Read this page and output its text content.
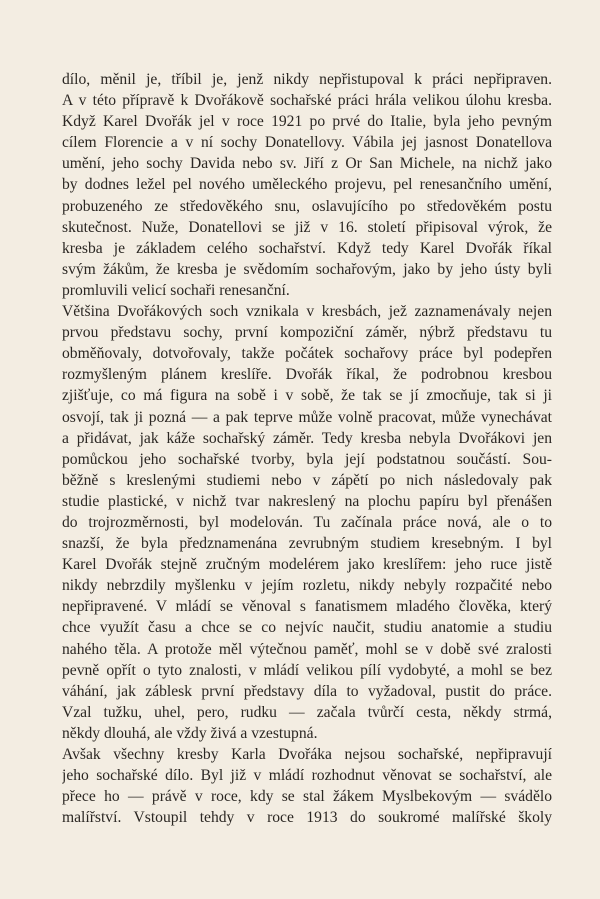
dílo, měnil je, tříbil je, jenž nikdy nepřistupoval k práci nepřipraven.
A v této přípravě k Dvořákově sochařské práci hrála velikou úlohu kresba.
Když Karel Dvořák jel v roce 1921 po prvé do Italie, byla jeho pevným
cílem Florencie a v ní sochy Donatellovy. Vábila jej jasnost Donatellova
umění, jeho sochy Davida nebo sv. Jiří z Or San Michele, na nichž jako
by dodnes ležel pel nového uměleckého projevu, pel renesančního umění,
probuzeného ze středověkého snu, oslavujícího po středověkém postu
skutečnost. Nuže, Donatellovi se již v 16. století připisoval výrok, že
kresba je základem celého sochařství. Když tedy Karel Dvořák říkal
svým žákům, že kresba je svědomím sochařovým, jako by jeho ústy byli
promluvili velicí sochaři renesanční.
Většina Dvořákových soch vznikala v kresbách, jež zaznamenávaly nejen
prvou představu sochy, první kompoziční záměr, nýbrž představu tu
obměňovaly, dotvořovaly, takže počátek sochařovy práce byl podepřen
rozmyšleným plánem kreslíře. Dvořák říkal, že podrobnou kresbou
zjišťuje, co má figura na sobě i v sobě, že tak se jí zmocňuje, tak si ji
osvojí, tak ji pozná — a pak teprve může volně pracovat, může vynechávat
a přidávat, jak káže sochařský záměr. Tedy kresba nebyla Dvořákovi jen
pomůckou jeho sochařské tvorby, byla její podstatnou součástí. Sou-
běžně s kreslenými studiemi nebo v zápětí po nich následovaly pak
studie plastické, v nichž tvar nakreslený na plochu papíru byl přenášen
do trojrozměrnosti, byl modelován. Tu začínala práce nová, ale o to
snazší, že byla předznamenána zevrubným studiem kresebným. I byl
Karel Dvořák stejně zručným modelérem jako kreslířem: jeho ruce jistě
nikdy nebrzdily myšlenku v jejím rozletu, nikdy nebyly rozpačité nebo
nepřipravené. V mládí se věnoval s fanatismem mladého člověka, který
chce využít času a chce se co nejvíc naučit, studiu anatomie a studiu
nahého těla. A protože měl výtečnou paměť, mohl se v době své zralosti
pevně opřít o tyto znalosti, v mládí velikou pílí vydobyté, a mohl se bez
váhání, jak záblesk první představy díla to vyžadoval, pustit do práce.
Vzal tužku, uhel, pero, rudku — začala tvůrčí cesta, někdy strmá,
někdy dlouhá, ale vždy živá a vzestupná.
Avšak všechny kresby Karla Dvořáka nejsou sochařské, nepřipravují
jeho sochařské dílo. Byl již v mládí rozhodnut věnovat se sochařství, ale
přece ho — právě v roce, kdy se stal žákem Myslbekovým — svádělo
malířství. Vstoupil tehdy v roce 1913 do soukromé malířské školy
